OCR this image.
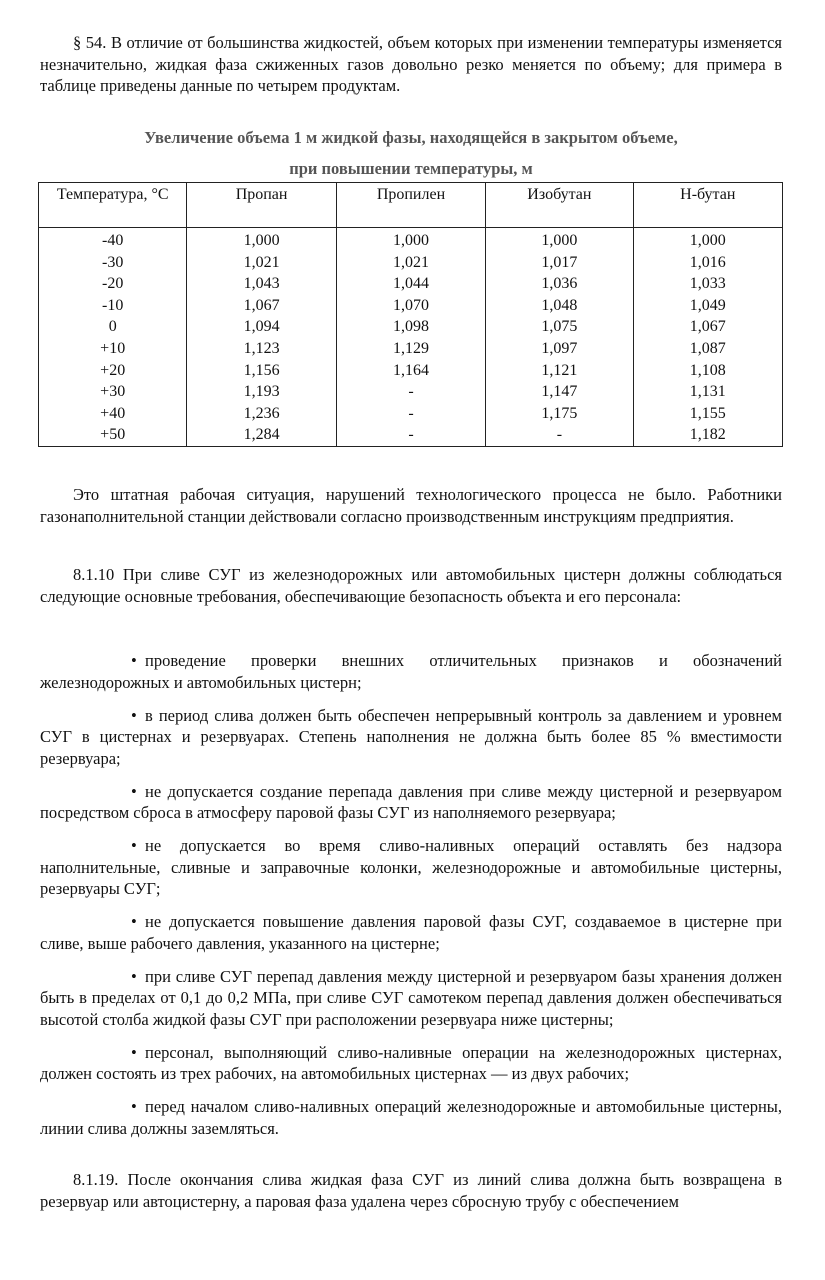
§ 54. В отличие от большинства жидкостей, объем которых при изменении температуры изменяется незначительно, жидкая фаза сжиженных газов довольно резко меняется по объему; для примера в таблице приведены данные по четырем продуктам.

Увеличение объема 1 м жидкой фазы, находящейся в закрытом объеме,
при повышении температуры, м
Температура, °С	Пропан	Пропилен	Изобутан	Н-бутан
-40	1,000	1,000	1,000	1,000
-30	1,021	1,021	1,017	1,016
-20	1,043	1,044	1,036	1,033
-10	1,067	1,070	1,048	1,049
0	1,094	1,098	1,075	1,067
+10	1,123	1,129	1,097	1,087
+20	1,156	1,164	1,121	1,108
+30	1,193	-	1,147	1,131
+40	1,236	-	1,175	1,155
+50	1,284	-	-	1,182

Это штатная рабочая ситуация, нарушений технологического процесса не было. Работники газонаполнительной станции действовали согласно производственным инструкциям предприятия.

8.1.10 При сливе СУГ из железнодорожных или автомобильных цистерн должны соблюдаться следующие основные требования, обеспечивающие безопасность объекта и его персонала:

• проведение проверки внешних отличительных признаков и обозначений железнодорожных и автомобильных цистерн;
• в период слива должен быть обеспечен непрерывный контроль за давлением и уровнем СУГ в цистернах и резервуарах. Степень наполнения не должна быть более 85 % вместимости резервуара;
• не допускается создание перепада давления при сливе между цистерной и резервуаром посредством сброса в атмосферу паровой фазы СУГ из наполняемого резервуара;
• не допускается во время сливо-наливных операций оставлять без надзора наполнительные, сливные и заправочные колонки, железнодорожные и автомобильные цистерны, резервуары СУГ;
• не допускается повышение давления паровой фазы СУГ, создаваемое в цистерне при сливе, выше рабочего давления, указанного на цистерне;
• при сливе СУГ перепад давления между цистерной и резервуаром базы хранения должен быть в пределах от 0,1 до 0,2 МПа, при сливе СУГ самотеком перепад давления должен обеспечиваться высотой столба жидкой фазы СУГ при расположении резервуара ниже цистерны;
• персонал, выполняющий сливо-наливные операции на железнодорожных цистернах, должен состоять из трех рабочих, на автомобильных цистернах — из двух рабочих;
• перед началом сливо-наливных операций железнодорожные и автомобильные цистерны, линии слива должны заземляться.

8.1.19. После окончания слива жидкая фаза СУГ из линий слива должна быть возвращена в резервуар или автоцистерну, а паровая фаза удалена через сбросную трубу с обеспечением
